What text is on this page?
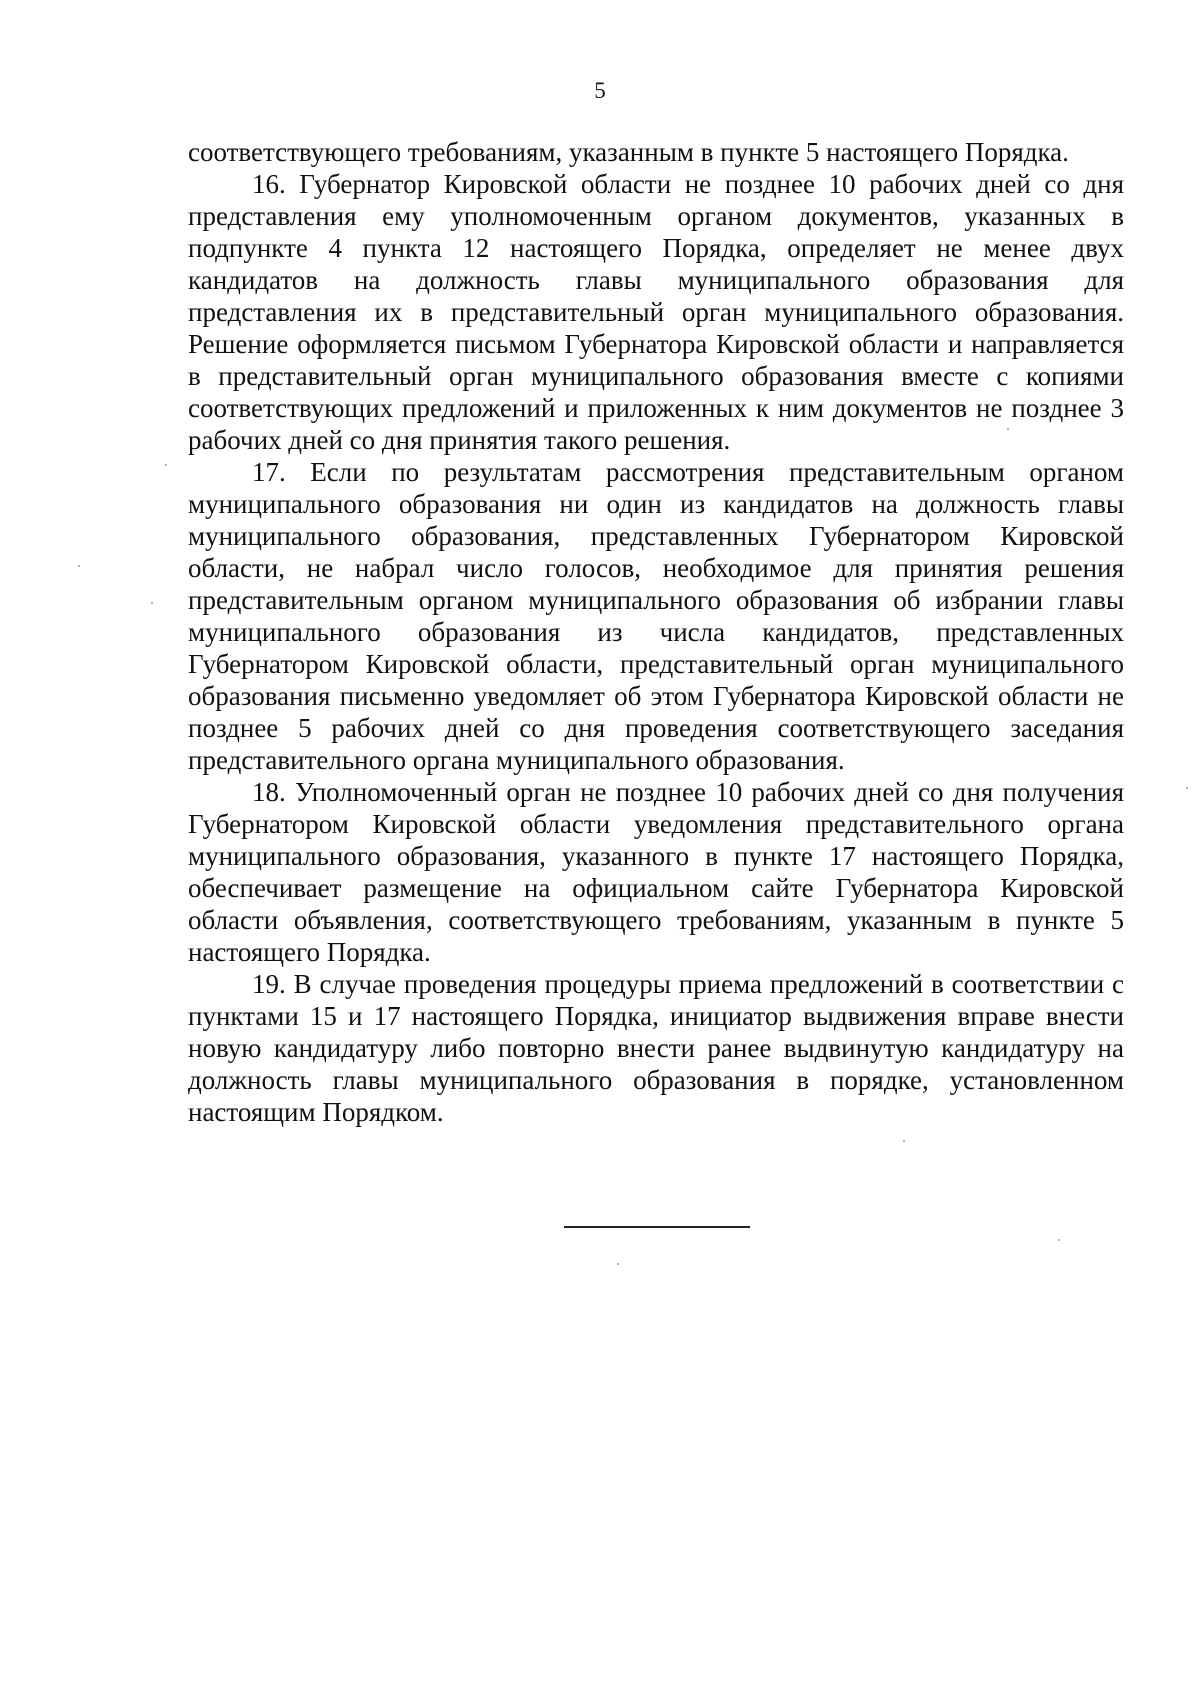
5

соответствующего требованиям, указанным в пункте 5 настоящего Порядка.

16. Губернатор Кировской области не позднее 10 рабочих дней со дня представления ему уполномоченным органом документов, указанных в подпункте 4 пункта 12 настоящего Порядка, определяет не менее двух кандидатов на должность главы муниципального образования для представления их в представительный орган муниципального образования. Решение оформляется письмом Губернатора Кировской области и направляется в представительный орган муниципального образования вместе с копиями соответствующих предложений и приложенных к ним документов не позднее 3 рабочих дней со дня принятия такого решения.

17. Если по результатам рассмотрения представительным органом муниципального образования ни один из кандидатов на должность главы муниципального образования, представленных Губернатором Кировской области, не набрал число голосов, необходимое для принятия решения представительным органом муниципального образования об избрании главы муниципального образования из числа кандидатов, представленных Губернатором Кировской области, представительный орган муниципального образования письменно уведомляет об этом Губернатора Кировской области не позднее 5 рабочих дней со дня проведения соответствующего заседания представительного органа муниципального образования.

18. Уполномоченный орган не позднее 10 рабочих дней со дня получения Губернатором Кировской области уведомления представительного органа муниципального образования, указанного в пункте 17 настоящего Порядка, обеспечивает размещение на официальном сайте Губернатора Кировской области объявления, соответствующего требованиям, указанным в пункте 5 настоящего Порядка.

19. В случае проведения процедуры приема предложений в соответствии с пунктами 15 и 17 настоящего Порядка, инициатор выдвижения вправе внести новую кандидатуру либо повторно внести ранее выдвинутую кандидатуру на должность главы муниципального образования в порядке, установленном настоящим Порядком.
